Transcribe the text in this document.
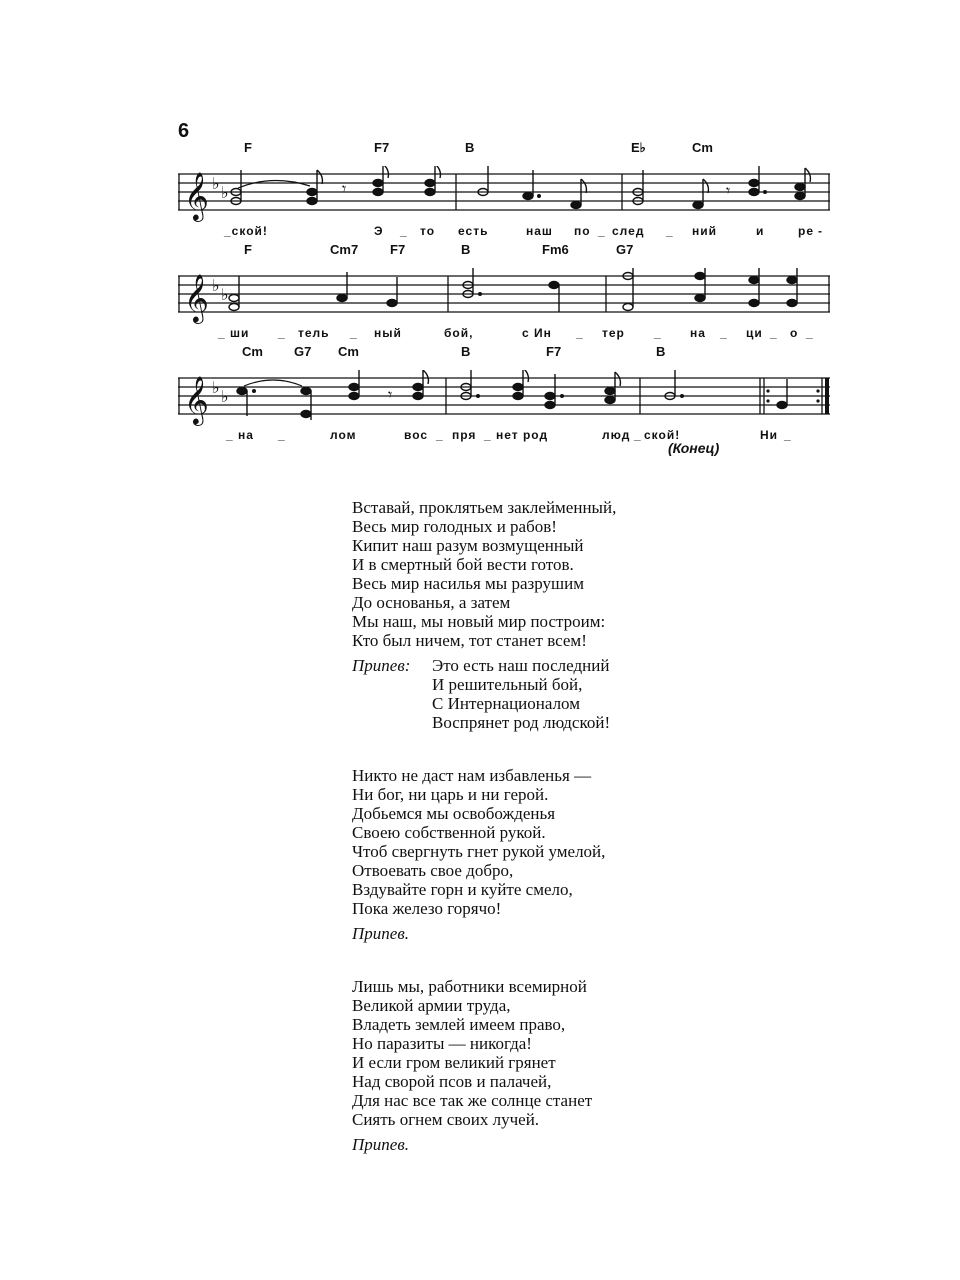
6
F	F7	B	E♭	Cm
𝄞 ♭ ♭	𝄾	𝄾
_ской!	Э _ то есть	наш по _ след _ ний	и	ре -
F	Cm7 F7	B	Fm6	G7
𝄞 ♭ ♭
_ ши _ тель _ ный	бой,	с Ин _ тер _ на _ ци _ о _
Cm G7 Cm	B	F7	B
𝄞 ♭ ♭	𝄾
_ на _	лом	вос _ пря _ нет род	люд _ ской!	Ни _
(Конец)
Вставай, проклятьем заклейменный,
Весь мир голодных и рабов!
Кипит наш разум возмущенный
И в смертный бой вести готов.
Весь мир насилья мы разрушим
До основанья, а затем
Мы наш, мы новый мир построим:
Кто был ничем, тот станет всем!
Припев:	Это есть наш последний
И решительный бой,
С Интернационалом
Воспрянет род людской!
Никто не даст нам избавленья —
Ни бог, ни царь и ни герой.
Добьемся мы освобожденья
Своею собственной рукой.
Чтоб свергнуть гнет рукой умелой,
Отвоевать свое добро,
Вздувайте горн и куйте смело,
Пока железо горячо!
Припев.
Лишь мы, работники всемирной
Великой армии труда,
Владеть землей имеем право,
Но паразиты — никогда!
И если гром великий грянет
Над сворой псов и палачей,
Для нас все так же солнце станет
Сиять огнем своих лучей.
Припев.
